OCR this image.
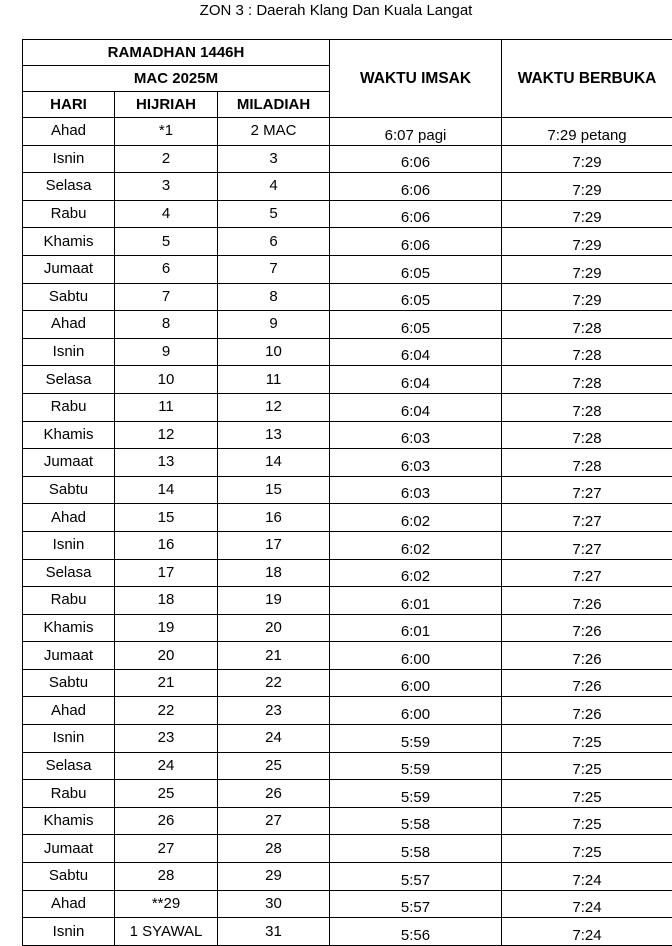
ZON 3 : Daerah Klang Dan Kuala Langat
RAMADHAN 1446H			WAKTU IMSAK	WAKTU BERBUKA
MAC 2025M				
HARI	HIJRIAH	MILADIAH		
Ahad	*1	2 MAC	6:07 pagi	7:29 petang
Isnin	2	3	6:06	7:29
Selasa	3	4	6:06	7:29
Rabu	4	5	6:06	7:29
Khamis	5	6	6:06	7:29
Jumaat	6	7	6:05	7:29
Sabtu	7	8	6:05	7:29
Ahad	8	9	6:05	7:28
Isnin	9	10	6:04	7:28
Selasa	10	11	6:04	7:28
Rabu	11	12	6:04	7:28
Khamis	12	13	6:03	7:28
Jumaat	13	14	6:03	7:28
Sabtu	14	15	6:03	7:27
Ahad	15	16	6:02	7:27
Isnin	16	17	6:02	7:27
Selasa	17	18	6:02	7:27
Rabu	18	19	6:01	7:26
Khamis	19	20	6:01	7:26
Jumaat	20	21	6:00	7:26
Sabtu	21	22	6:00	7:26
Ahad	22	23	6:00	7:26
Isnin	23	24	5:59	7:25
Selasa	24	25	5:59	7:25
Rabu	25	26	5:59	7:25
Khamis	26	27	5:58	7:25
Jumaat	27	28	5:58	7:25
Sabtu	28	29	5:57	7:24
Ahad	**29	30	5:57	7:24
Isnin	1 SYAWAL	31	5:56	7:24
